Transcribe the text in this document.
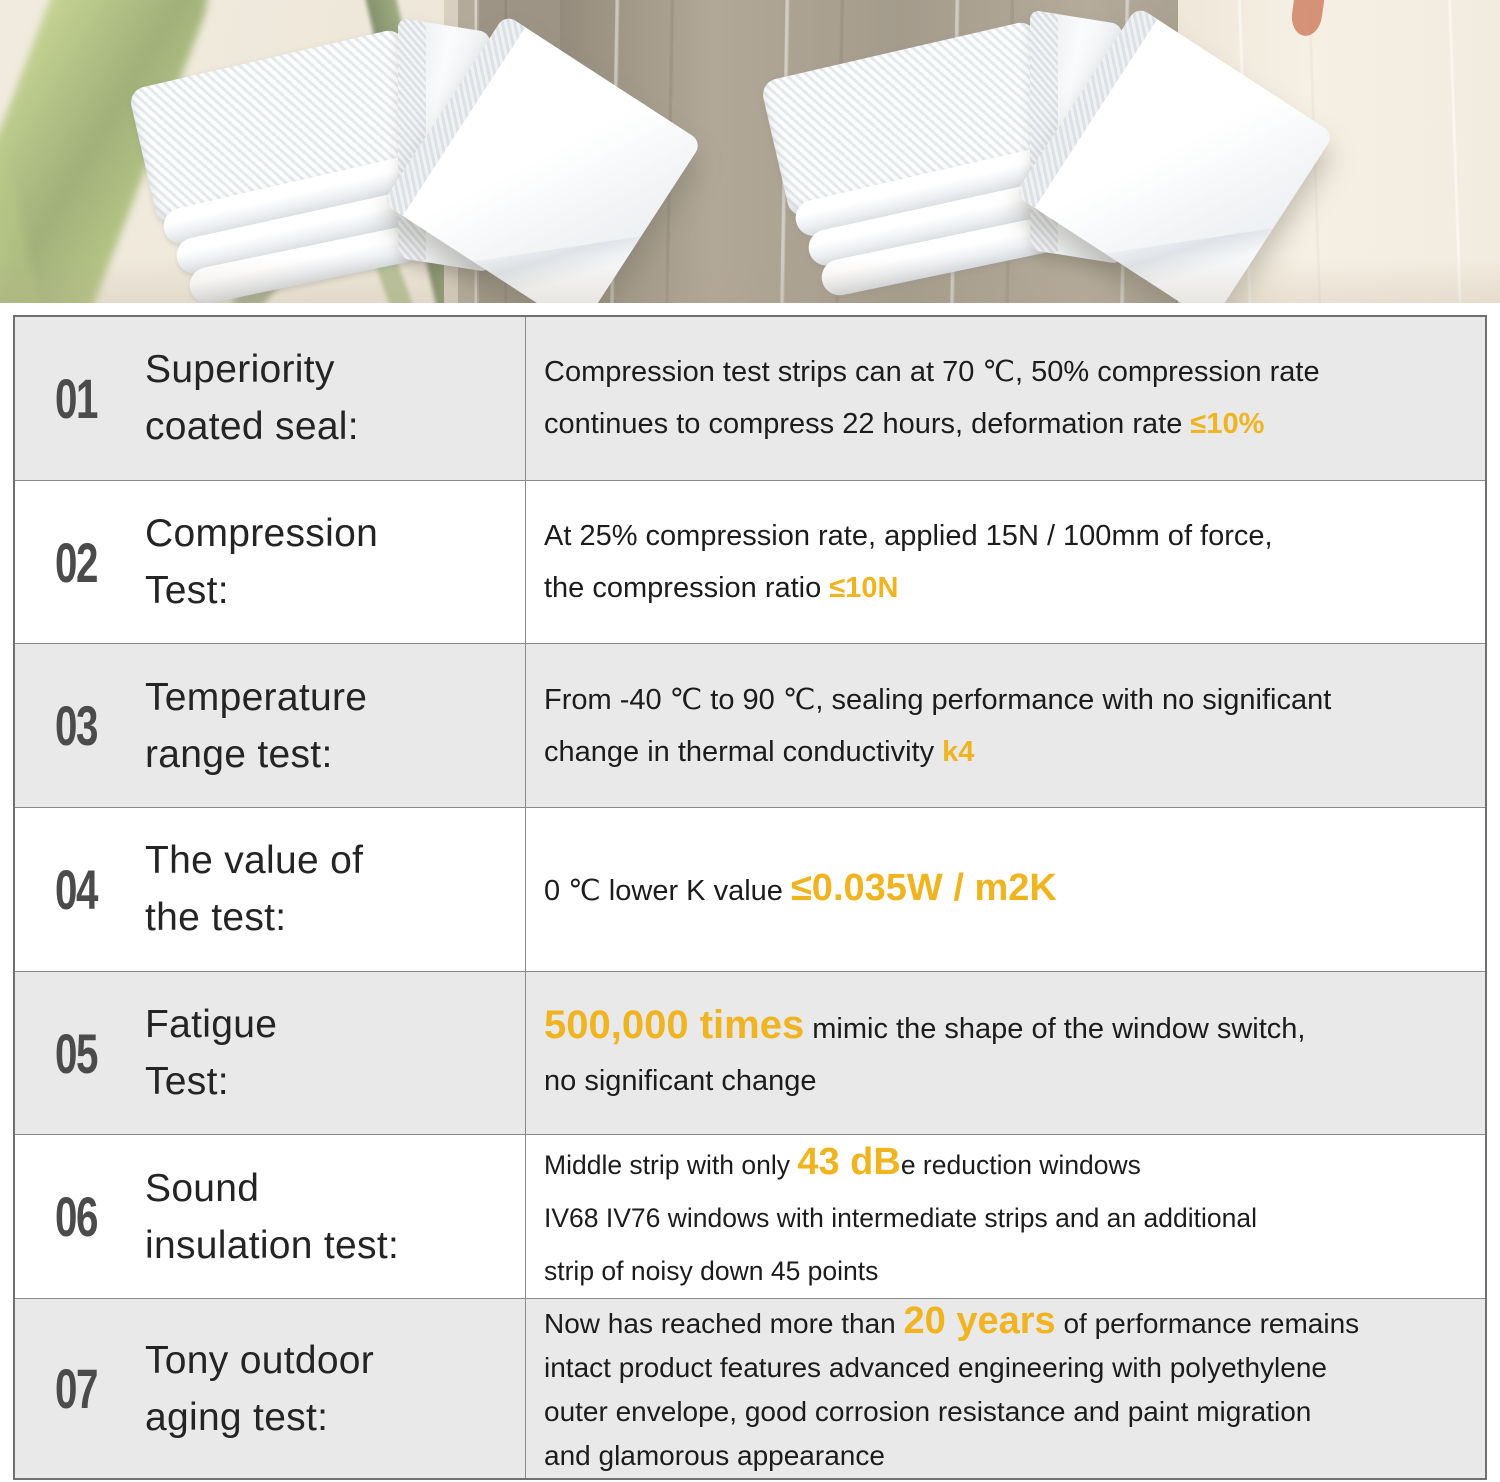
01 Superiority
coated seal:
Compression test strips can at 70 ℃, 50% compression rate
continues to compress 22 hours, deformation rate ≤10%
02 Compression
Test:
At 25% compression rate, applied 15N / 100mm of force,
the compression ratio ≤10N
03 Temperature
range test:
From -40 ℃ to 90 ℃, sealing performance with no significant
change in thermal conductivity k4
04 The value of
the test:
0 ℃ lower K value ≤0.035W / m2K
05 Fatigue
Test:
500,000 times mimic the shape of the window switch,
no significant change
06 Sound
insulation test:
Middle strip with only 43 dBe reduction windows
IV68 IV76 windows with intermediate strips and an additional
strip of noisy down 45 points
07 Tony outdoor
aging test:
Now has reached more than 20 years of performance remains
intact product features advanced engineering with polyethylene
outer envelope, good corrosion resistance and paint migration
and glamorous appearance
